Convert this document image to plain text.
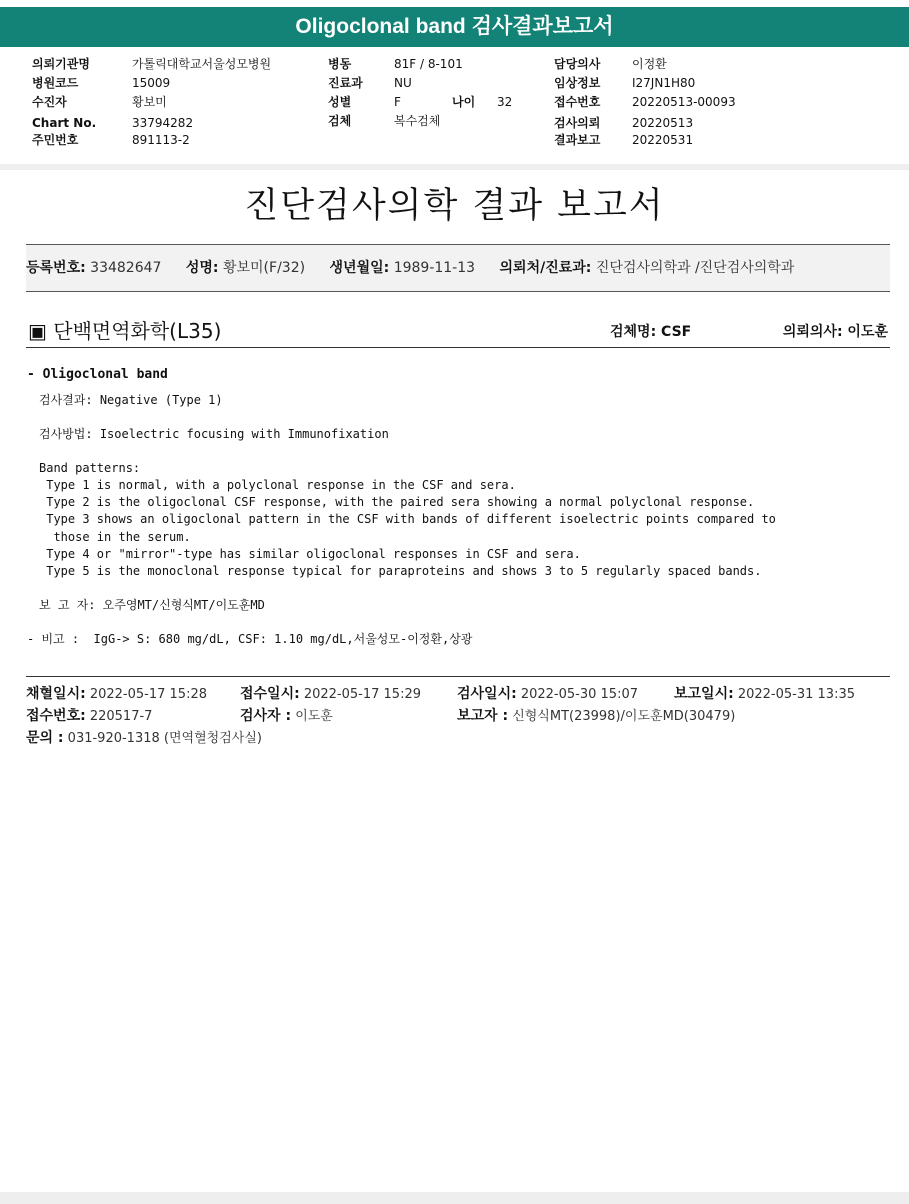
Oligoclonal band 검사결과보고서
의뢰기관명	가톨릭대학교서울성모병원
병원코드	15009
수진자	황보미
Chart No.	33794282
주민번호	891113-2
병동	81F / 8-101
진료과	NU
성별	F	나이 32
검체	복수검체
담당의사	이정환
임상정보	I27JN1H80
접수번호	20220513-00093
검사의뢰	20220513
결과보고	20220531
진단검사의학 결과 보고서
등록번호: 33482647 성명: 황보미(F/32) 생년월일: 1989-11-13 의뢰처/진료과: 진단검사의학과 /진단검사의학과
▣ 단백면역화학(L35)	검체명: CSF	의뢰의사: 이도훈
- Oligoclonal band
검사결과: Negative (Type 1)
검사방법: Isoelectric focusing with Immunofixation
Band patterns:
Type 1 is normal, with a polyclonal response in the CSF and sera.
Type 2 is the oligoclonal CSF response, with the paired sera showing a normal polyclonal response.
Type 3 shows an oligoclonal pattern in the CSF with bands of different isoelectric points compared to
those in the serum.
Type 4 or "mirror"-type has similar oligoclonal responses in CSF and sera.
Type 5 is the monoclonal response typical for paraproteins and shows 3 to 5 regularly spaced bands.
보 고 자: 오주영MT/신형식MT/이도훈MD
- 비고 :  IgG-> S: 680 mg/dL, CSF: 1.10 mg/dL,서울성모-이정환,상광
채혈일시: 2022-05-17 15:28 접수일시: 2022-05-17 15:29	검사일시: 2022-05-30 15:07	보고일시: 2022-05-31 13:35
접수번호: 220517-7	검사자 : 이도훈	보고자 : 신형식MT(23998)/이도훈MD(30479)
문의 : 031-920-1318 (면역혈청검사실)
